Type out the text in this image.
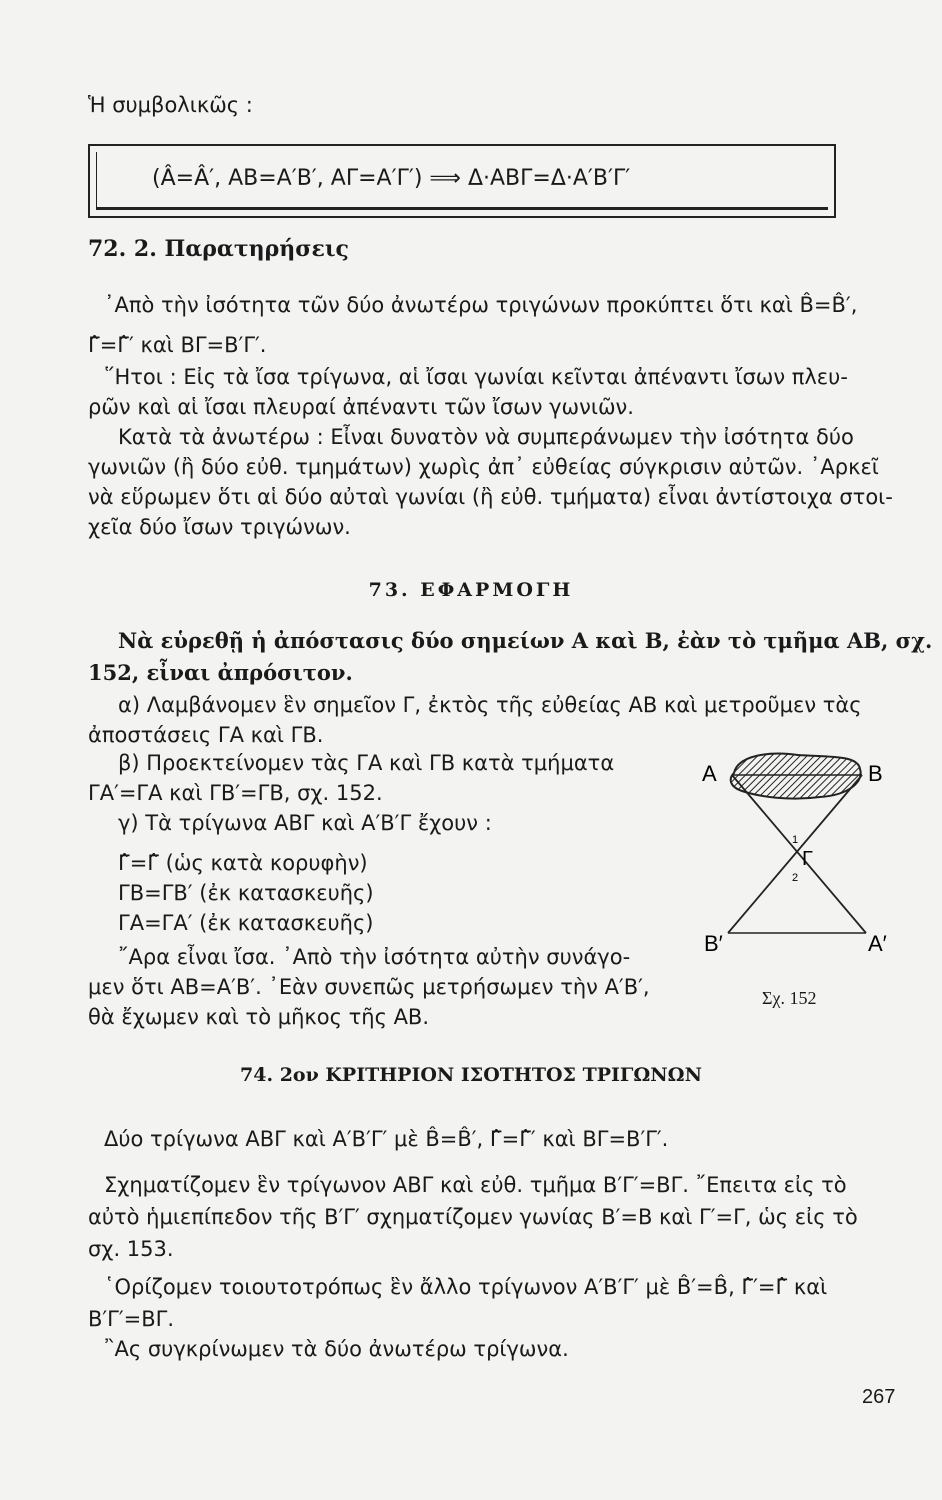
Ἡ συμβολικῶς :
(Â=Â′, ΑΒ=Α′Β′, ΑΓ=Α′Γ′) ⟹ Δ·ΑΒΓ=Δ·Α′Β′Γ′
72. 2. Παρατηρήσεις
᾿Απὸ τὴν ἰσότητα τῶν δύο ἀνωτέρω τριγώνων προκύπτει ὅτι καὶ B̂=B̂′,
Γ̂=Γ̂′ καὶ ΒΓ=Β′Γ′.
῞Ητοι : Εἰς τὰ ἴσα τρίγωνα, αἱ ἴσαι γωνίαι κεῖνται ἀπέναντι ἴσων πλευ-
ρῶν καὶ αἱ ἴσαι πλευραί ἀπέναντι τῶν ἴσων γωνιῶν.
Κατὰ τὰ ἀνωτέρω : Εἶναι δυνατὸν νὰ συμπεράνωμεν τὴν ἰσότητα δύο
γωνιῶν (ἢ δύο εὐθ. τμημάτων) χωρὶς ἀπ᾿ εὐθείας σύγκρισιν αὐτῶν. ᾿Αρκεῖ
νὰ εὕρωμεν ὅτι αἱ δύο αὐταὶ γωνίαι (ἢ εὐθ. τμήματα) εἶναι ἀντίστοιχα στοι-
χεῖα δύο ἴσων τριγώνων.
73. ΕΦΑΡΜΟΓΗ
Νὰ εὑρεθῇ ἡ ἀπόστασις δύο σημείων Α καὶ Β, ἐὰν τὸ τμῆμα ΑΒ, σχ.
152, εἶναι ἀπρόσιτον.
α) Λαμβάνομεν ἓν σημεῖον Γ, ἐκτὸς τῆς εὐθείας ΑΒ καὶ μετροῦμεν τὰς
ἀποστάσεις ΓΑ καὶ ΓΒ.
β) Προεκτείνομεν τὰς ΓΑ καὶ ΓΒ κατὰ τμήματα
ΓΑ′=ΓΑ καὶ ΓΒ′=ΓΒ, σχ. 152.
γ) Τὰ τρίγωνα ΑΒΓ καὶ Α′Β′Γ ἔχουν :
Γ̂=Γ̂ (ὡς κατὰ κορυφὴν)
ΓΒ=ΓΒ′ (ἐκ κατασκευῆς)
ΓΑ=ΓΑ′ (ἐκ κατασκευῆς)
῎Αρα εἶναι ἴσα. ᾿Απὸ τὴν ἰσότητα αὐτὴν συνάγο-
μεν ὅτι ΑΒ=Α′Β′. ᾿Εὰν συνεπῶς μετρήσωμεν τὴν Α′Β′,
θὰ ἔχωμεν καὶ τὸ μῆκος τῆς ΑΒ.
Α	Β
Γ
1
2
Β′	Α′
Σχ. 152
74. 2ον ΚΡΙΤΗΡΙΟΝ ΙΣΟΤΗΤΟΣ ΤΡΙΓΩΝΩΝ
Δύο τρίγωνα ΑΒΓ καὶ Α′Β′Γ′ μὲ B̂=B̂′, Γ̂=Γ̂′ καὶ ΒΓ=Β′Γ′.
Σχηματίζομεν ἓν τρίγωνον ΑΒΓ καὶ εὐθ. τμῆμα Β′Γ′=ΒΓ. ῎Επειτα εἰς τὸ
αὐτὸ ἡμιεπίπεδον τῆς Β′Γ′ σχηματίζομεν γωνίας Β′=Β καὶ Γ′=Γ, ὡς εἰς τὸ
σχ. 153.
῾Ορίζομεν τοιουτοτρόπως ἓν ἄλλο τρίγωνον Α′Β′Γ′ μὲ B̂′=B̂, Γ̂′=Γ̂ καὶ
Β′Γ′=ΒΓ.
῍Ας συγκρίνωμεν τὰ δύο ἀνωτέρω τρίγωνα.
267
